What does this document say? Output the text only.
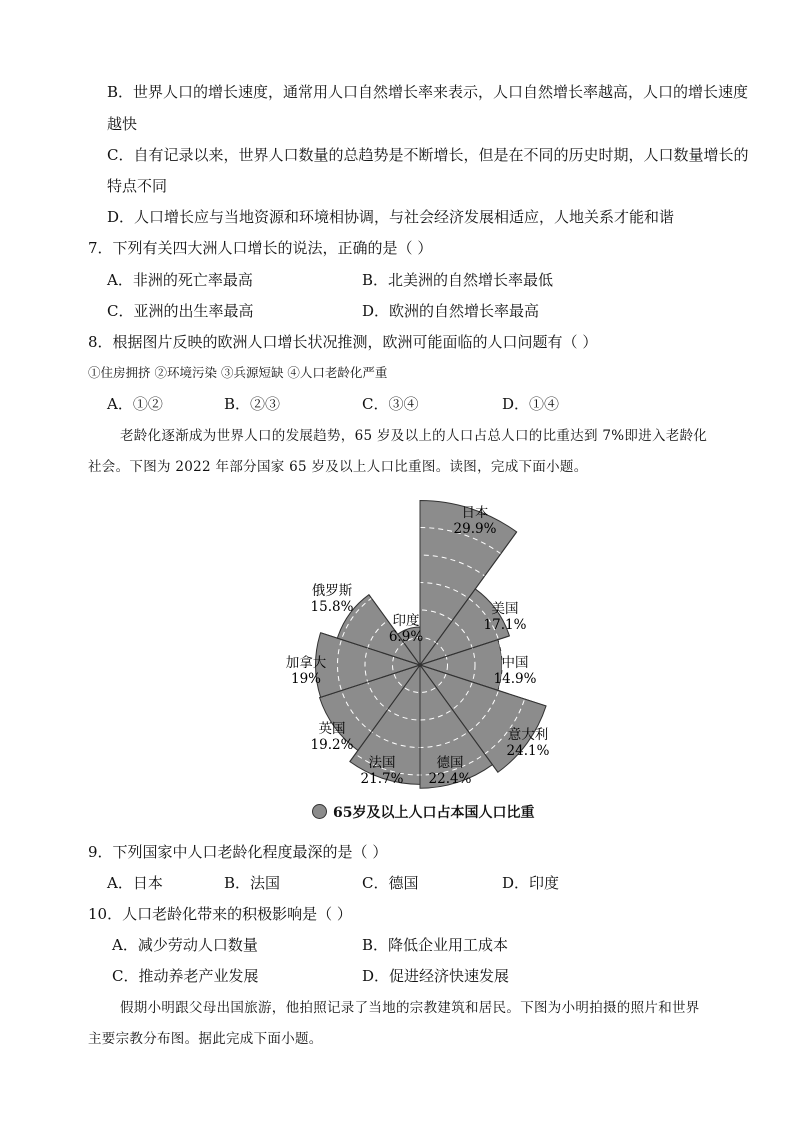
B．世界人口的增长速度，通常用人口自然增长率来表示，人口自然增长率越高，人口的增长速度
越快
C．自有记录以来，世界人口数量的总趋势是不断增长，但是在不同的历史时期，人口数量增长的
特点不同
D．人口增长应与当地资源和环境相协调，与社会经济发展相适应，人地关系才能和谐
7．下列有关四大洲人口增长的说法，正确的是（ ）
A．非洲的死亡率最高	B．北美洲的自然增长率最低
C．亚洲的出生率最高	D．欧洲的自然增长率最高
8．根据图片反映的欧洲人口增长状况推测，欧洲可能面临的人口问题有（ ）
①住房拥挤 ②环境污染 ③兵源短缺 ④人口老龄化严重
A．①②	B．②③	C．③④	D．①④
老龄化逐渐成为世界人口的发展趋势，65 岁及以上的人口占总人口的比重达到 7%即进入老龄化
社会。下图为 2022 年部分国家 65 岁及以上人口比重图。读图，完成下面小题。
日本
29.9%
美国
17.1%
中国
14.9%
意大利
24.1%
德国
22.4%
法国
21.7%
英国
19.2%
加拿大
19%
俄罗斯
15.8%
印度
6.9%
65岁及以上人口占本国人口比重
9．下列国家中人口老龄化程度最深的是（ ）
A．日本	B．法国	C．德国	D．印度
10．人口老龄化带来的积极影响是（ ）
A．减少劳动人口数量	B．降低企业用工成本
C．推动养老产业发展	D．促进经济快速发展
假期小明跟父母出国旅游，他拍照记录了当地的宗教建筑和居民。下图为小明拍摄的照片和世界
主要宗教分布图。据此完成下面小题。
